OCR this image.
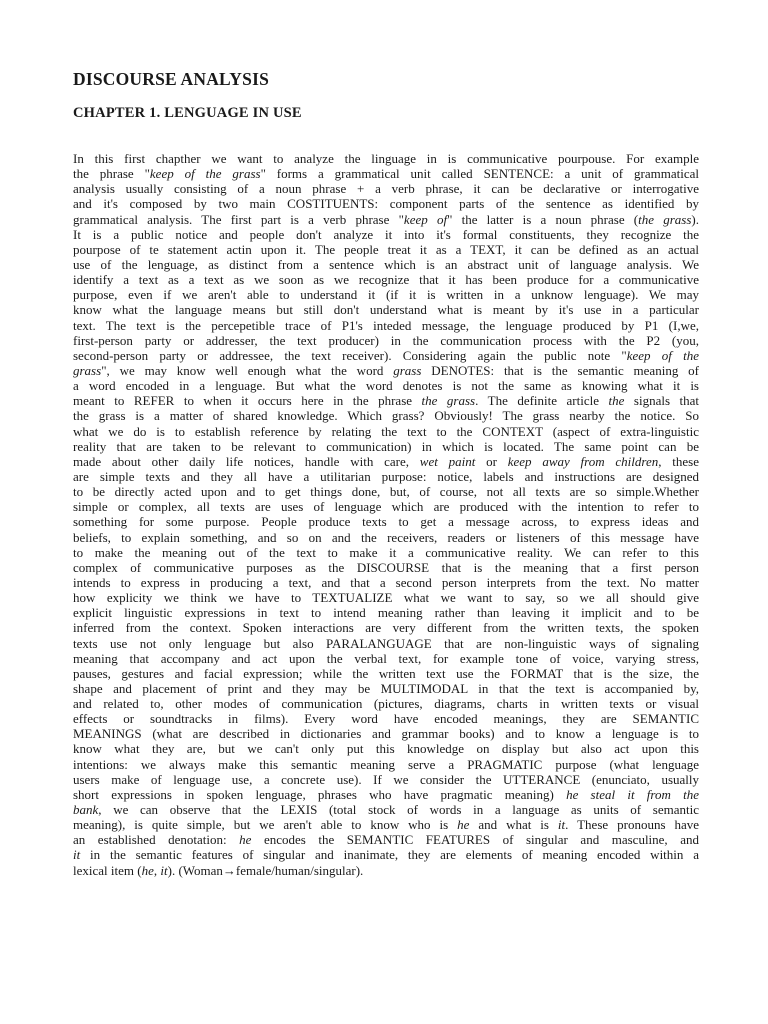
DISCOURSE ANALYSIS
CHAPTER 1. LENGUAGE IN USE
In this first chapther we want to analyze the linguage in is communicative pourpouse. For example
the phrase "keep of the grass" forms a grammatical unit called SENTENCE: a unit of grammatical
analysis usually consisting of a noun phrase + a verb phrase, it can be declarative or interrogative
and it's composed by two main COSTITUENTS: component parts of the sentence as identified by
grammatical analysis. The first part is a verb phrase "keep of" the latter is a noun phrase (the grass).
It is a public notice and people don't analyze it into it's formal constituents, they recognize the
pourpose of te statement actin upon it. The people treat it as a TEXT, it can be defined as an actual
use of the lenguage, as distinct from a sentence which is an abstract unit of language analysis. We
identify a text as a text as we soon as we recognize that it has been produce for a communicative
purpose, even if we aren't able to understand it (if it is written in a unknow lenguage). We may
know what the language means but still don't understand what is meant by it's use in a particular
text. The text is the percepetible trace of P1's inteded message, the lenguage produced by P1 (I,we,
first-person party or addresser, the text producer) in the communication process with the P2 (you,
second-person party or addressee, the text receiver). Considering again the public note "keep of the
grass", we may know well enough what the word grass DENOTES: that is the semantic meaning of
a word encoded in a lenguage. But what the word denotes is not the same as knowing what it is
meant to REFER to when it occurs here in the phrase the grass. The definite article the signals that
the grass is a matter of shared knowledge. Which grass? Obviously! The grass nearby the notice. So
what we do is to establish reference by relating the text to the CONTEXT (aspect of extra-linguistic
reality that are taken to be relevant to communication) in which is located. The same point can be
made about other daily life notices, handle with care, wet paint or keep away from children, these
are simple texts and they all have a utilitarian purpose: notice, labels and instructions are designed
to be directly acted upon and to get things done, but, of course, not all texts are so simple.Whether
simple or complex, all texts are uses of lenguage which are produced with the intention to refer to
something for some purpose. People produce texts to get a message across, to express ideas and
beliefs, to explain something, and so on and the receivers, readers or listeners of this message have
to make the meaning out of the text to make it a communicative reality. We can refer to this
complex of communicative purposes as the DISCOURSE that is the meaning that a first person
intends to express in producing a text, and that a second person interprets from the text. No matter
how explicity we think we have to TEXTUALIZE what we want to say, so we all should give
explicit linguistic expressions in text to intend meaning rather than leaving it implicit and to be
inferred from the context. Spoken interactions are very different from the written texts, the spoken
texts use not only lenguage but also PARALANGUAGE that are non-linguistic ways of signaling
meaning that accompany and act upon the verbal text, for example tone of voice, varying stress,
pauses, gestures and facial expression; while the written text use the FORMAT that is the size, the
shape and placement of print and they may be MULTIMODAL in that the text is accompanied by,
and related to, other modes of communication (pictures, diagrams, charts in written texts or visual
effects or soundtracks in films). Every word have encoded meanings, they are SEMANTIC
MEANINGS (what are described in dictionaries and grammar books) and to know a lenguage is to
know what they are, but we can't only put this knowledge on display but also act upon this
intentions: we always make this semantic meaning serve a PRAGMATIC purpose (what lenguage
users make of lenguage use, a concrete use). If we consider the UTTERANCE (enunciato, usually
short expressions in spoken lenguage, phrases who have pragmatic meaning) he steal it from the
bank, we can observe that the LEXIS (total stock of words in a language as units of semantic
meaning), is quite simple, but we aren't able to know who is he and what is it. These pronouns have
an established denotation: he encodes the SEMANTIC FEATURES of singular and masculine, and
it in the semantic features of singular and inanimate, they are elements of meaning encoded within a
lexical item (he, it). (Woman→female/human/singular).
